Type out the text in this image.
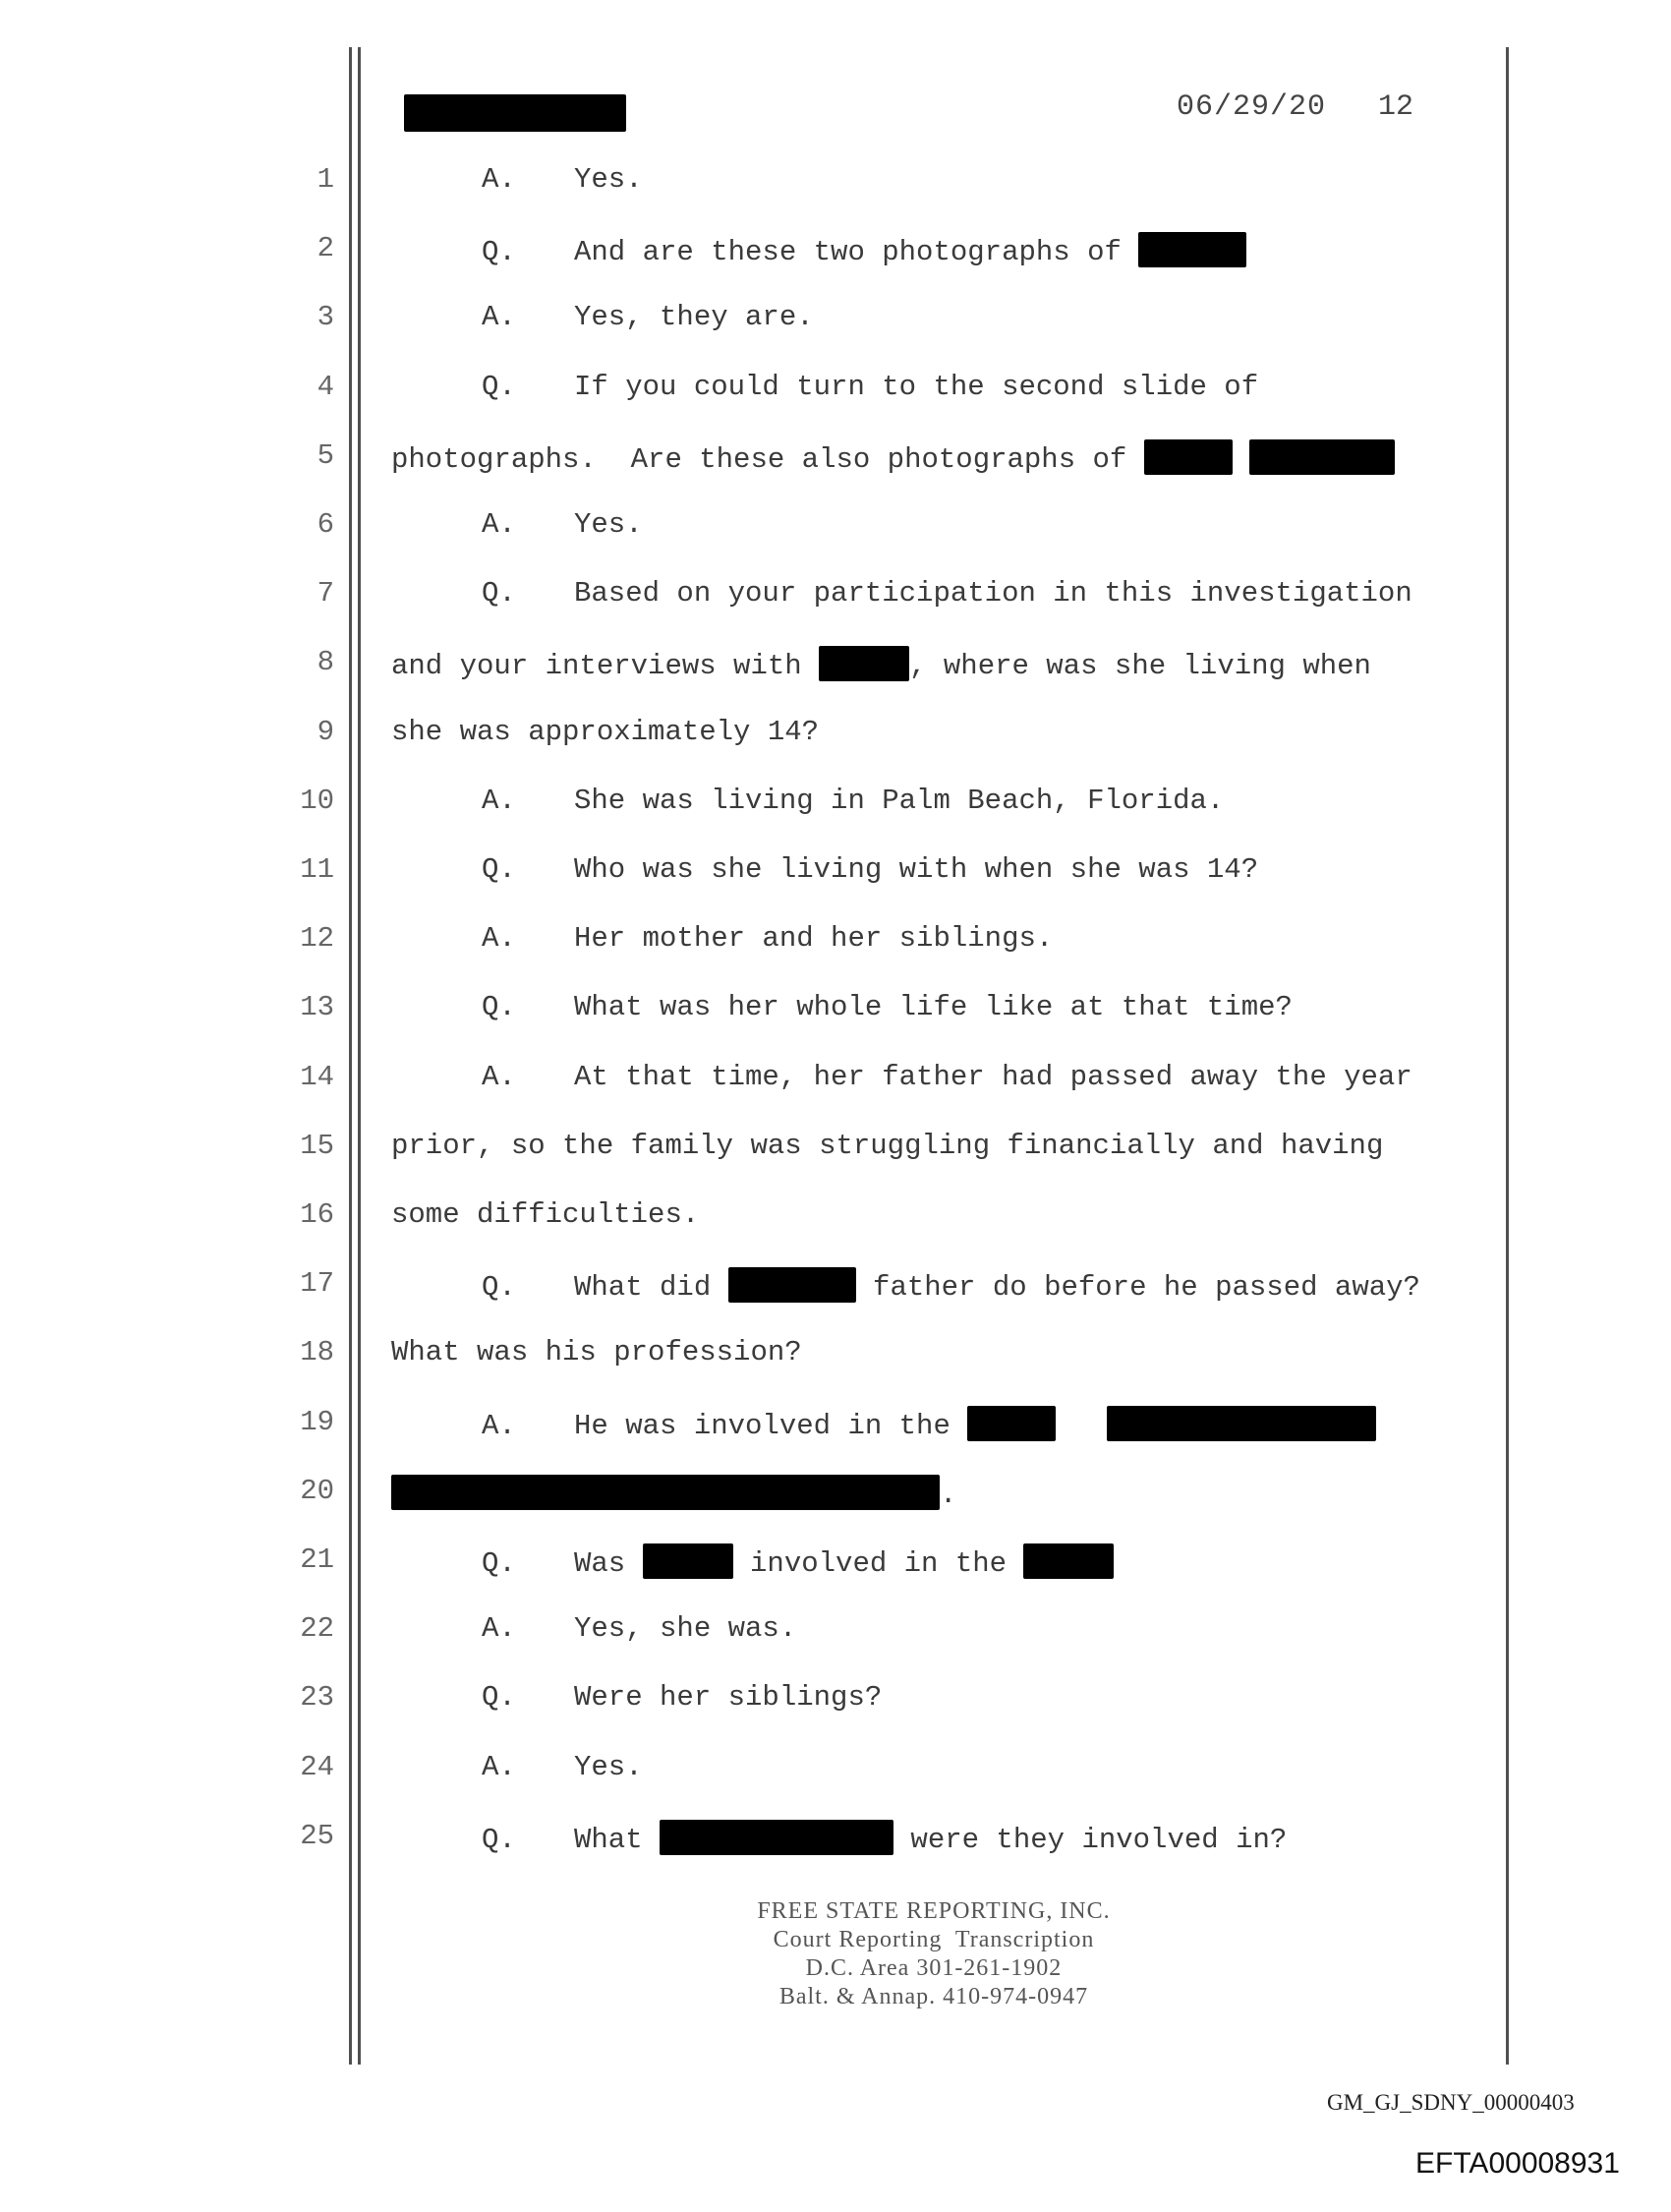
06/29/20 12
1	A. Yes.
2	Q. And are these two photographs of
3	A. Yes, they are.
4	Q. If you could turn to the second slide of
5 photographs.  Are these also photographs of
6	A. Yes.
7	Q. Based on your participation in this investigation
8 and your interviews with	, where was she living when
9 she was approximately 14?
10	A. She was living in Palm Beach, Florida.
11	Q. Who was she living with when she was 14?
12	A. Her mother and her siblings.
13	Q. What was her whole life like at that time?
14	A. At that time, her father had passed away the year
15 prior, so the family was struggling financially and having
16 some difficulties.
17	Q. What did	father do before he passed away?
18 What was his profession?
19	A. He was involved in the
20	.
21	Q. Was	involved in the
22	A. Yes, she was.
23	Q. Were her siblings?
24	A. Yes.
25	Q. What	were they involved in?
FREE STATE REPORTING, INC.
Court Reporting  Transcription
D.C. Area 301-261-1902
Balt. & Annap. 410-974-0947
GM_GJ_SDNY_00000403
EFTA00008931
